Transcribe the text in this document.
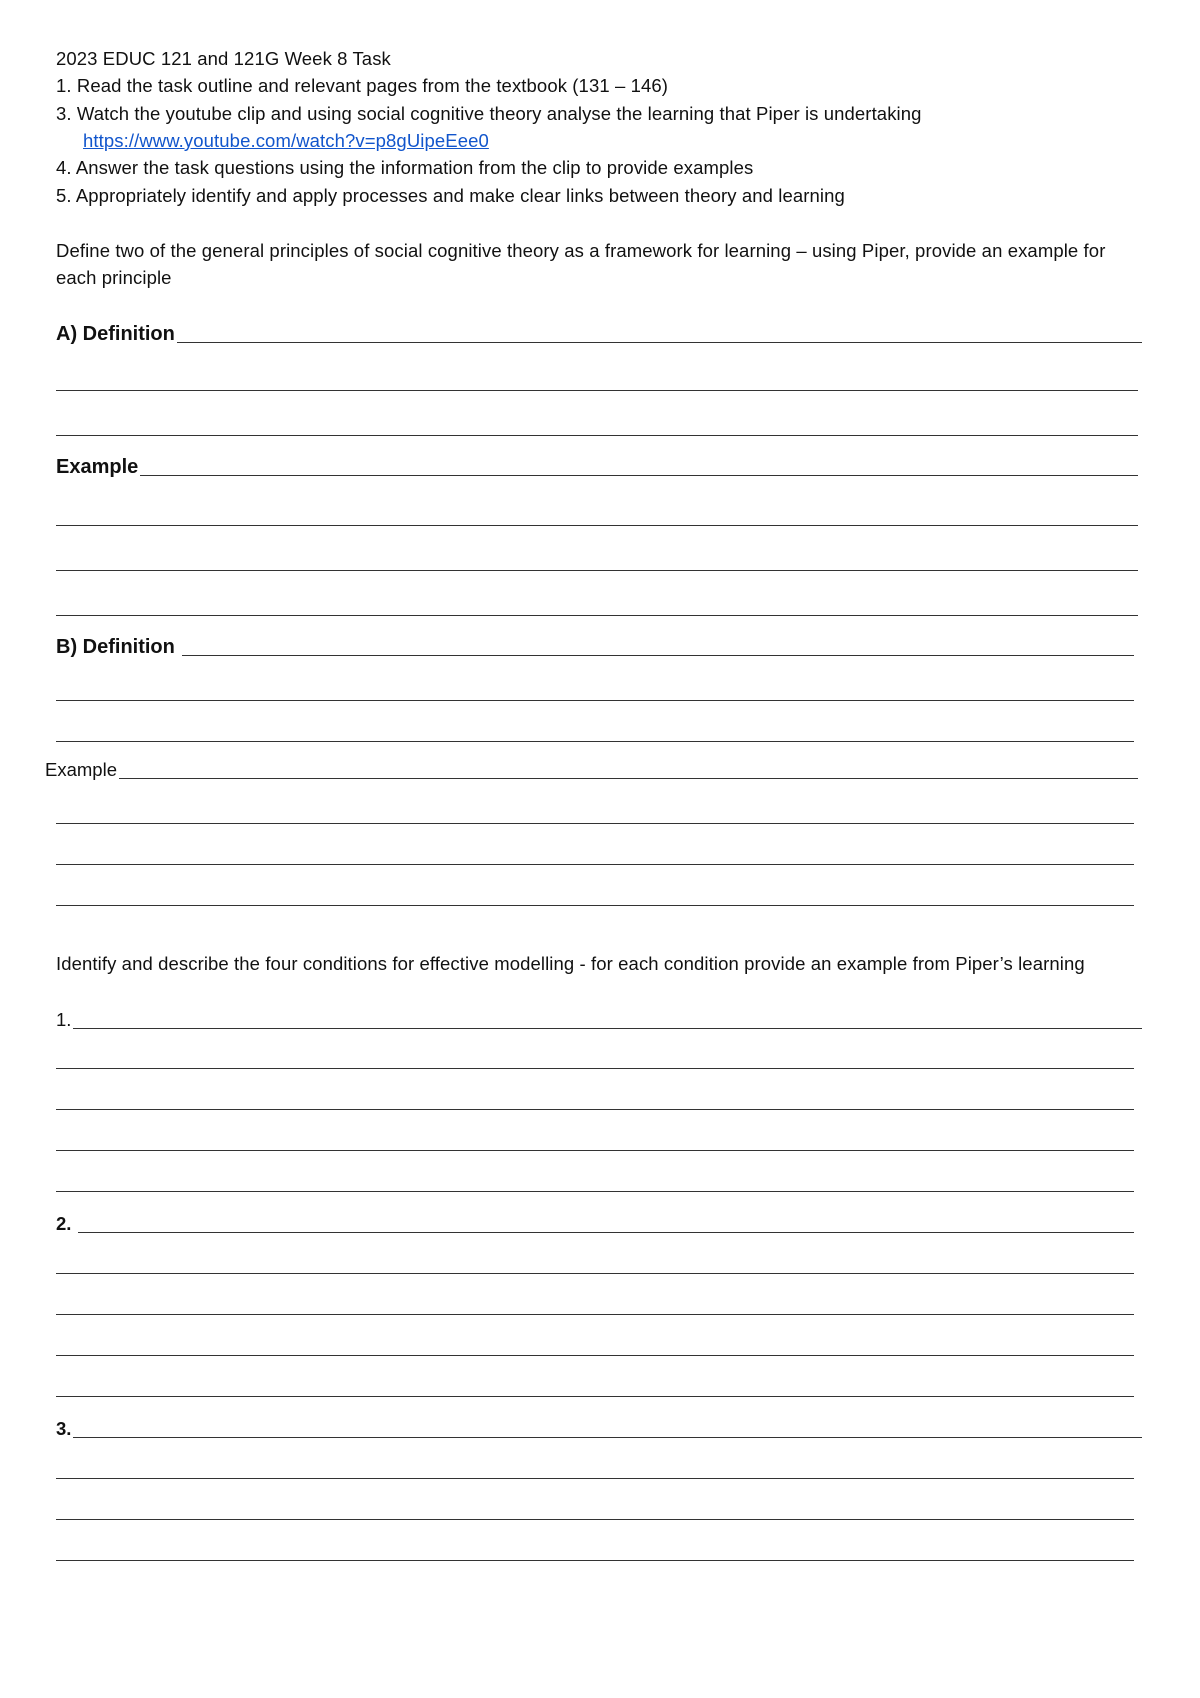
2023 EDUC 121 and 121G Week 8 Task
1. Read the task outline and relevant pages from the textbook (131 – 146)
3. Watch the youtube clip and using social cognitive theory analyse the learning that Piper is undertaking
https://www.youtube.com/watch?v=p8gUipeEee0
4. Answer the task questions using the information from the clip to provide examples
5. Appropriately identify and apply processes and make clear links between theory and learning
Define two of the general principles of social cognitive theory as a framework for learning – using Piper, provide an example for each principle
A) Definition
Example
B) Definition
Example
Identify and describe the four conditions for effective modelling - for each condition provide an example from Piper’s learning
1.
2.
3.
